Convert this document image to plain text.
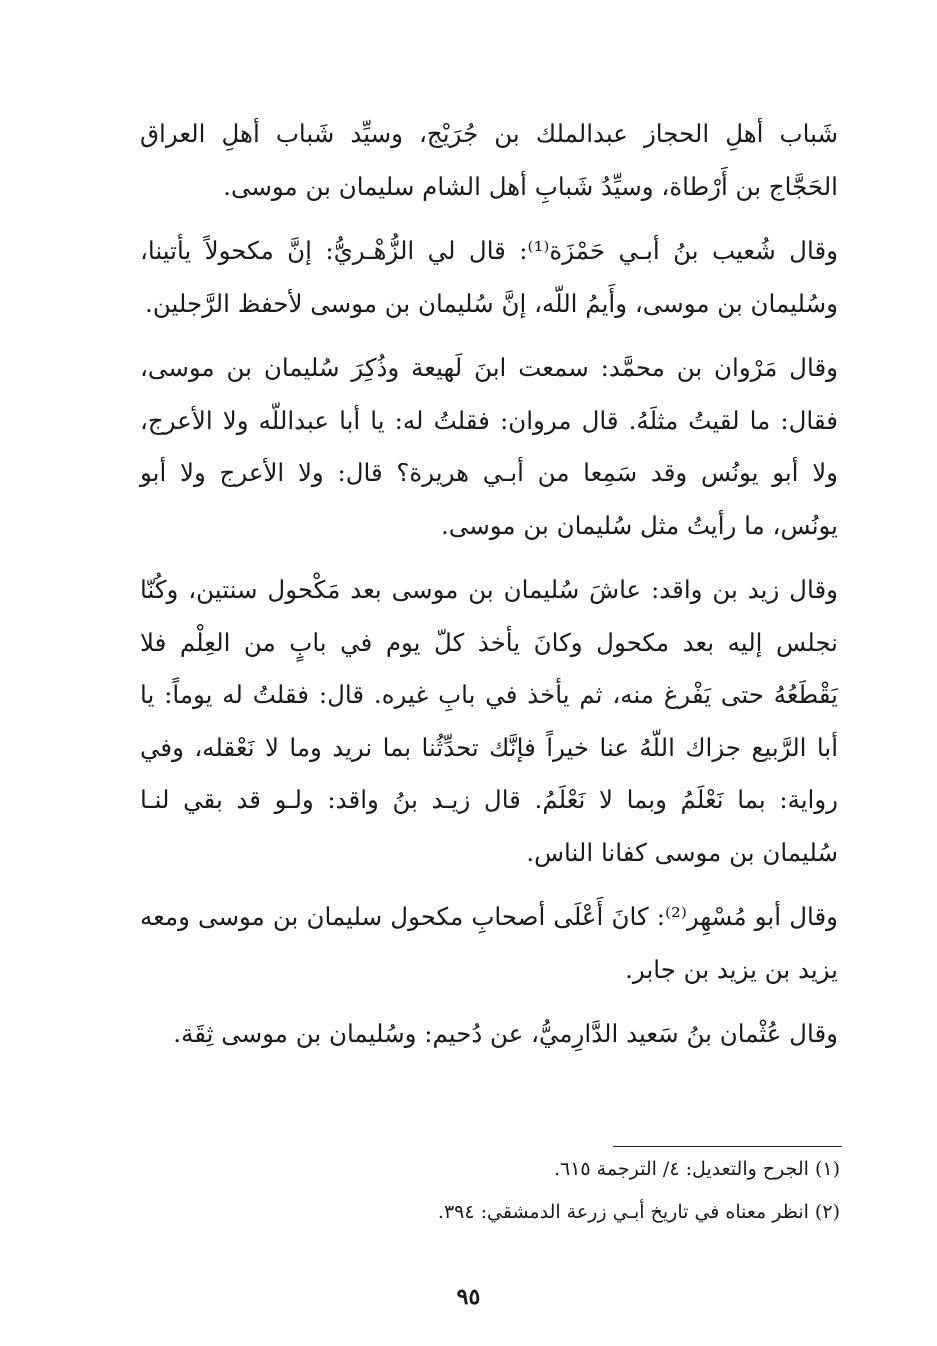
شَباب أهلِ الحجاز عبدالملك بن جُرَيْج، وسيِّد شَباب أهلِ العراق الحَجَّاج بن أَرْطاة، وسيِّدُ شَبابِ أهل الشام سليمان بن موسى.

وقال شُعيب بنُ أبـي حَمْزَة⁽¹⁾: قال لي الزُّهْـريُّ: إنَّ مكحولاً يأتينا، وسُليمان بن موسى، وأَيمُ اللّه، إنَّ سُليمان بن موسى لأحفظ الرَّجلين.

وقال مَرْوان بن محمَّد: سمعت ابنَ لَهيعة وذُكِرَ سُليمان بن موسى، فقال: ما لقيتُ مثلَهُ. قال مروان: فقلتُ له: يا أبا عبداللّه ولا الأعرج، ولا أبو يونُس وقد سَمِعا من أبـي هريرة؟ قال: ولا الأعرج ولا أبو يونُس، ما رأيتُ مثل سُليمان بن موسى.

وقال زيد بن واقد: عاشَ سُليمان بن موسى بعد مَكْحول سنتين، وكُنّا نجلس إليه بعد مكحول وكانَ يأخذ كلّ يوم في بابٍ من العِلْم فلا يَقْطَعُهُ حتى يَفْرغ منه، ثم يأخذ في بابِ غيره. قال: فقلتُ له يوماً: يا أبا الرَّبيع جزاك اللّهُ عنا خيراً فإنَّك تحدِّثُنا بما نريد وما لا نَعْقله، وفي رواية: بما نَعْلَمُ وبما لا نَعْلَمُ. قال زيـد بنُ واقد: ولـو قد بقي لنـا سُليمان بن موسى كفانا الناس.

وقال أبو مُسْهِر⁽²⁾: كانَ أَعْلَى أصحابِ مكحول سليمان بن موسى ومعه يزيد بن يزيد بن جابر.

وقال عُثْمان بنُ سَعيد الدَّارِميُّ، عن دُحيم: وسُليمان بن موسى ثِقَة.

(١) الجرح والتعديل: ٤/ الترجمة ٦١٥.

(٢) انظر معناه في تاريخ أبـي زرعة الدمشقي: ٣٩٤.

٩٥
